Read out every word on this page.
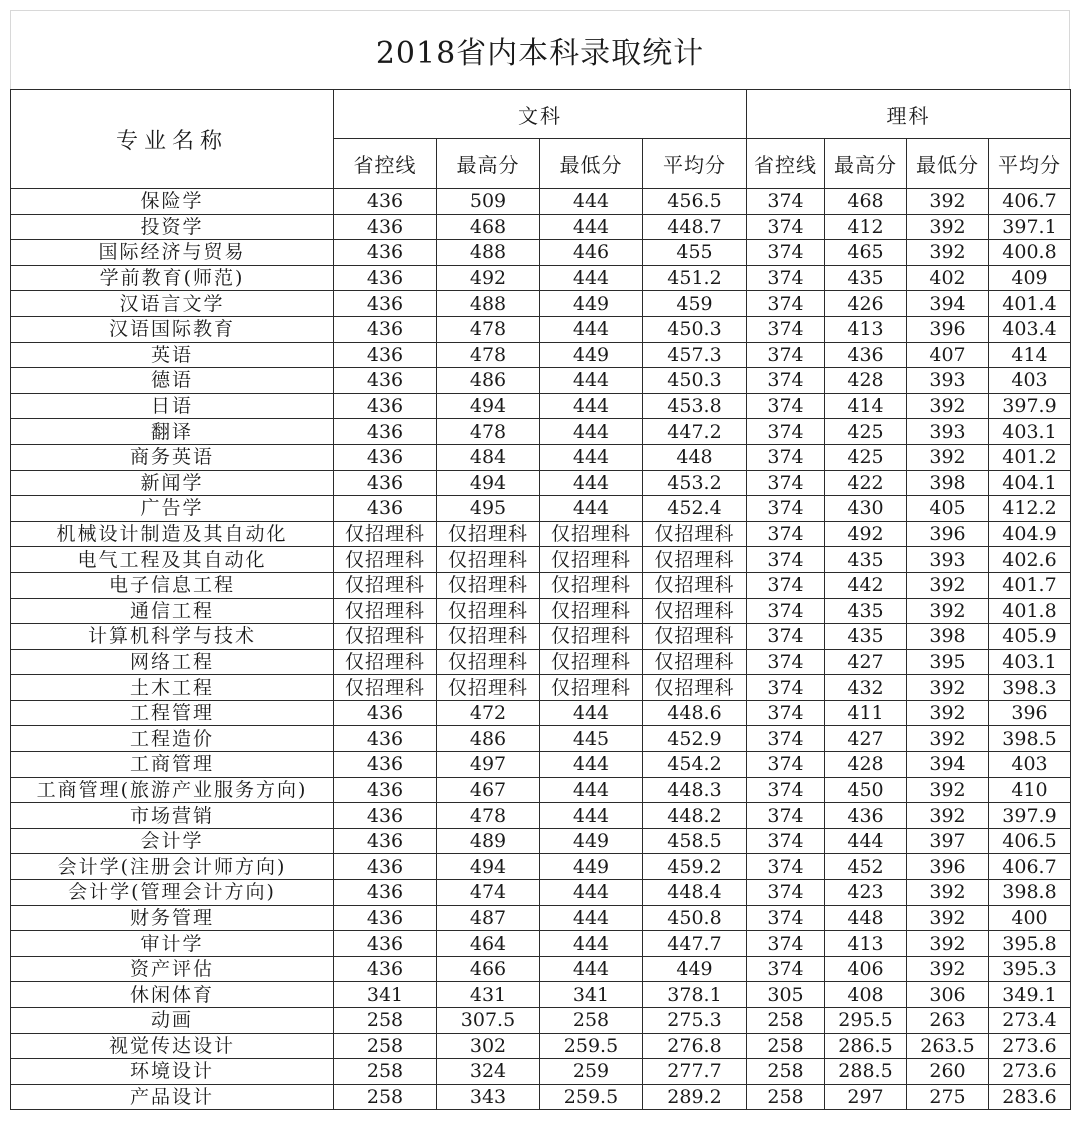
2018省内本科录取统计
专业名称	文科				理科			
	省控线	最高分	最低分	平均分	省控线	最高分	最低分	平均分
保险学	436	509	444	456.5	374	468	392	406.7
投资学	436	468	444	448.7	374	412	392	397.1
国际经济与贸易	436	488	446	455	374	465	392	400.8
学前教育(师范)	436	492	444	451.2	374	435	402	409
汉语言文学	436	488	449	459	374	426	394	401.4
汉语国际教育	436	478	444	450.3	374	413	396	403.4
英语	436	478	449	457.3	374	436	407	414
德语	436	486	444	450.3	374	428	393	403
日语	436	494	444	453.8	374	414	392	397.9
翻译	436	478	444	447.2	374	425	393	403.1
商务英语	436	484	444	448	374	425	392	401.2
新闻学	436	494	444	453.2	374	422	398	404.1
广告学	436	495	444	452.4	374	430	405	412.2
机械设计制造及其自动化	仅招理科	仅招理科	仅招理科	仅招理科	374	492	396	404.9
电气工程及其自动化	仅招理科	仅招理科	仅招理科	仅招理科	374	435	393	402.6
电子信息工程	仅招理科	仅招理科	仅招理科	仅招理科	374	442	392	401.7
通信工程	仅招理科	仅招理科	仅招理科	仅招理科	374	435	392	401.8
计算机科学与技术	仅招理科	仅招理科	仅招理科	仅招理科	374	435	398	405.9
网络工程	仅招理科	仅招理科	仅招理科	仅招理科	374	427	395	403.1
土木工程	仅招理科	仅招理科	仅招理科	仅招理科	374	432	392	398.3
工程管理	436	472	444	448.6	374	411	392	396
工程造价	436	486	445	452.9	374	427	392	398.5
工商管理	436	497	444	454.2	374	428	394	403
工商管理(旅游产业服务方向)	436	467	444	448.3	374	450	392	410
市场营销	436	478	444	448.2	374	436	392	397.9
会计学	436	489	449	458.5	374	444	397	406.5
会计学(注册会计师方向)	436	494	449	459.2	374	452	396	406.7
会计学(管理会计方向)	436	474	444	448.4	374	423	392	398.8
财务管理	436	487	444	450.8	374	448	392	400
审计学	436	464	444	447.7	374	413	392	395.8
资产评估	436	466	444	449	374	406	392	395.3
休闲体育	341	431	341	378.1	305	408	306	349.1
动画	258	307.5	258	275.3	258	295.5	263	273.4
视觉传达设计	258	302	259.5	276.8	258	286.5	263.5	273.6
环境设计	258	324	259	277.7	258	288.5	260	273.6
产品设计	258	343	259.5	289.2	258	297	275	283.6
